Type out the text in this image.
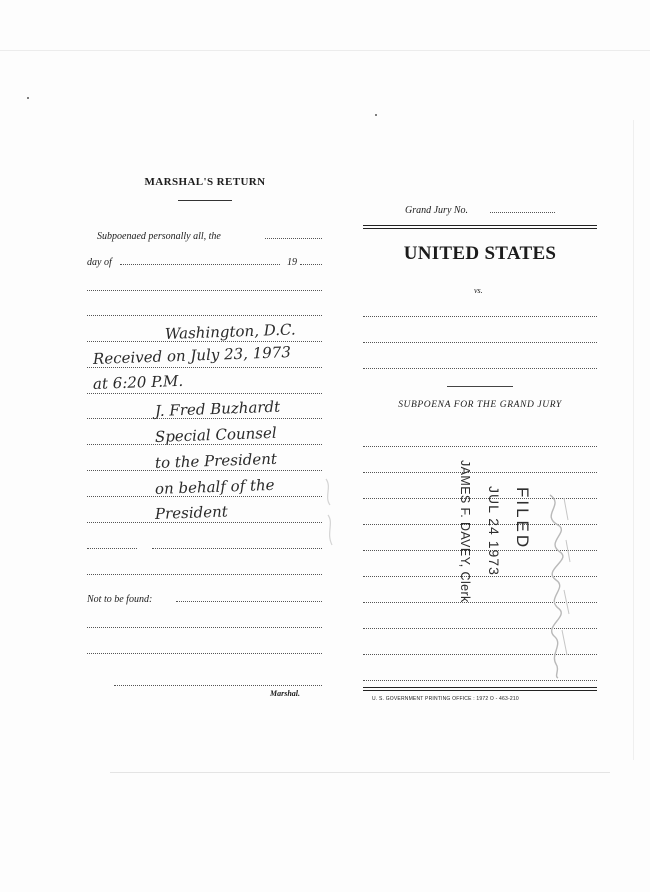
MARSHAL'S RETURN
Subpoenaed personally all, the
day of	19
Washington, D.C.
Received on July 23, 1973
at 6:20 P.M.
J. Fred Buzhardt
Special Counsel
to the President
on behalf of the
President
Not to be found:
Marshal.
Grand Jury No.
UNITED STATES
vs.
SUBPOENA FOR THE GRAND JURY
U. S. GOVERNMENT PRINTING OFFICE : 1972 O - 463-210
FILED
JUL 24 1973
JAMES F. DAVEY, Clerk
